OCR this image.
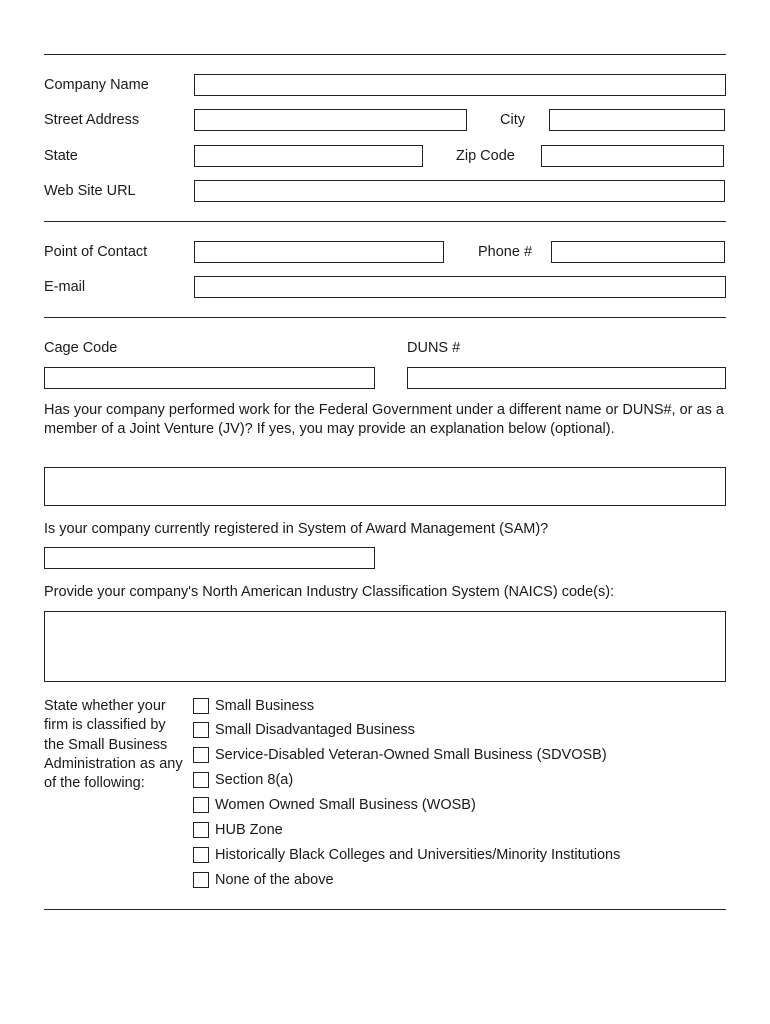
Company Name
Street Address	City
State	Zip Code
Web Site URL
Point of Contact	Phone #
E-mail
Cage Code	DUNS #
Has your company performed work for the Federal Government under a different name or DUNS#, or as a member of a Joint Venture (JV)? If yes, you may provide an explanation below (optional).
Is your company currently registered in System of Award Management (SAM)?
Provide your company's North American Industry Classification System (NAICS) code(s):
State whether your firm is classified by the Small Business Administration as any of the following:
Small Business
Small Disadvantaged Business
Service-Disabled Veteran-Owned Small Business (SDVOSB)
Section 8(a)
Women Owned Small Business (WOSB)
HUB Zone
Historically Black Colleges and Universities/Minority Institutions
None of the above
